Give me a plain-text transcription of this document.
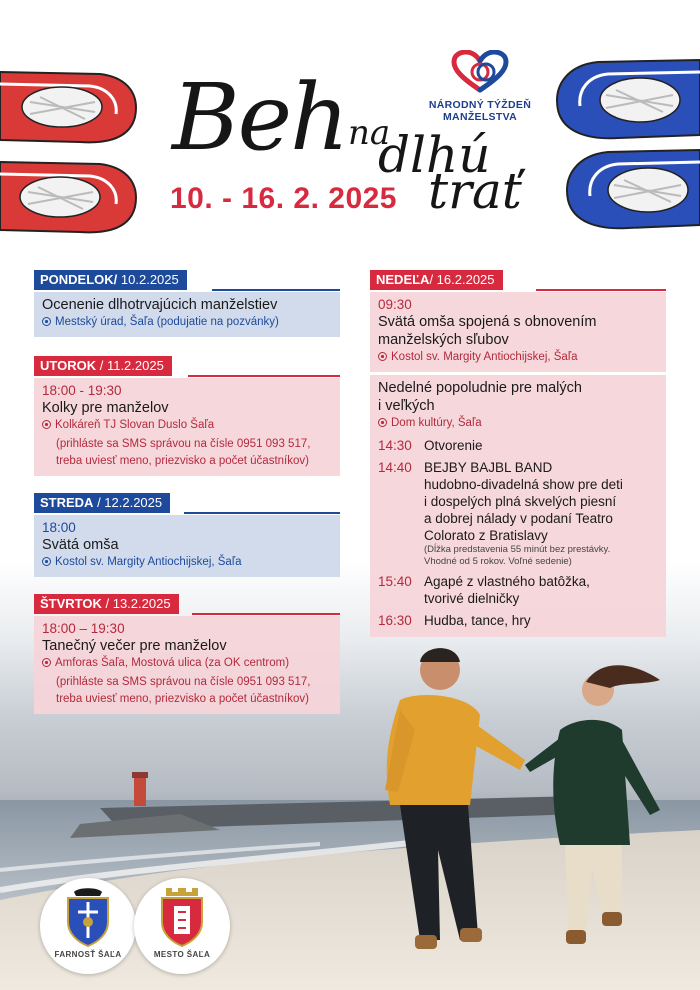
Beh na
dlhú
trať
10. - 16. 2. 2025
NÁRODNÝ TÝŽDEŇ
MANŽELSTVA
PONDELOK/ 10.2.2025
Ocenenie dlhotrvajúcich manželstiev
Mestský úrad, Šaľa (podujatie na pozvánky)
UTOROK / 11.2.2025
18:00 - 19:30
Kolky pre manželov
Kolkáreň TJ Slovan Duslo Šaľa
(prihláste sa SMS správou na čísle 0951 093 517,
treba uviesť meno, priezvisko a počet účastníkov)
STREDA / 12.2.2025
18:00
Svätá omša
Kostol sv. Margity Antiochijskej, Šaľa
ŠTVRTOK / 13.2.2025
18:00 – 19:30
Tanečný večer pre manželov
Amforas Šaľa, Mostová ulica (za OK centrom)
(prihláste sa SMS správou na čísle 0951 093 517,
treba uviesť meno, priezvisko a počet účastníkov)
NEDEĽA/ 16.2.2025
09:30
Svätá omša spojená s obnovením
manželských sľubov
Kostol sv. Margity Antiochijskej, Šaľa
Nedelné popoludnie pre malých
i veľkých
Dom kultúry, Šaľa
14:30 Otvorenie
14:40 BEJBY BAJBL BAND
hudobno-divadelná show pre deti
i dospelých plná skvelých piesní
a dobrej nálady v podaní Teatro
Colorato z Bratislavy
(Dĺžka predstavenia 55 minút bez prestávky.
Vhodné od 5 rokov. Voľné sedenie)
15:40 Agapé z vlastného batôžka,
tvorivé dielničky
16:30 Hudba, tance, hry
FARNOSŤ ŠAĽA	MESTO ŠAĽA
